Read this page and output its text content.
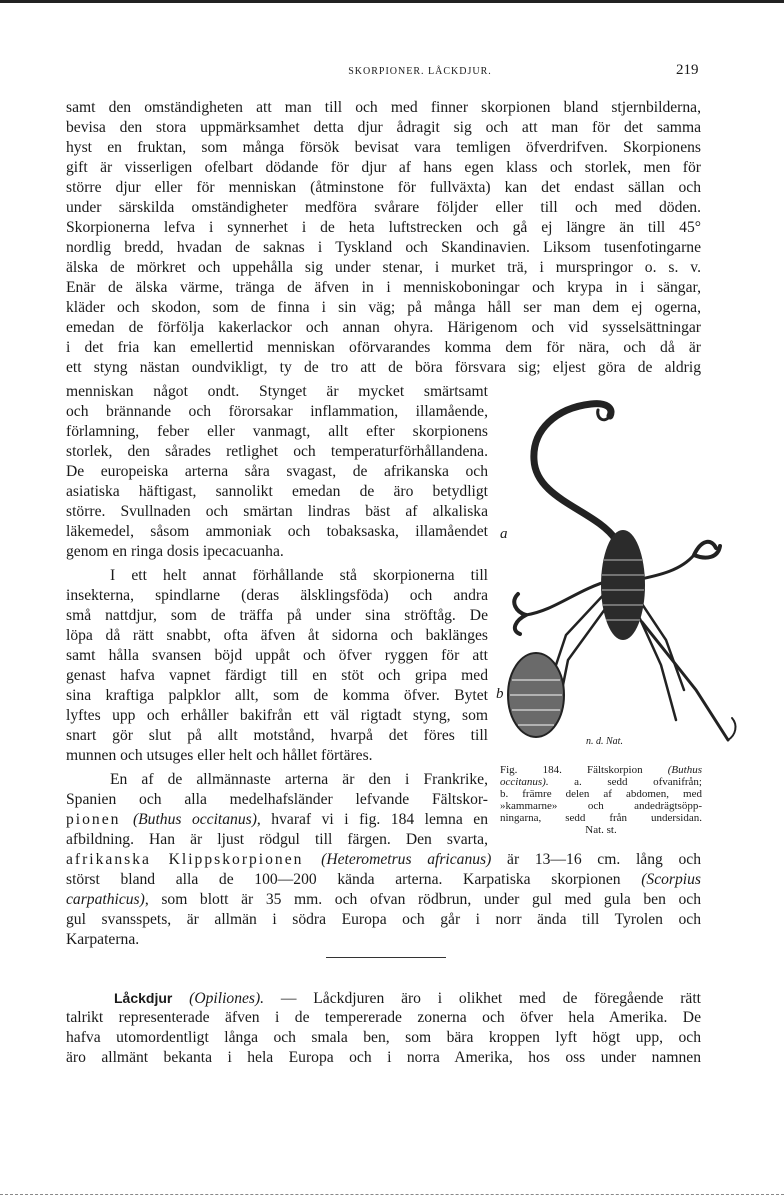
SKORPIONER. LÅCKDJUR.	219
samt den omständigheten att man till och med finner skorpionen bland stjernbilderna,
bevisa den stora uppmärksamhet detta djur ådragit sig och att man för det samma
hyst en fruktan, som många försök bevisat vara temligen öfverdrifven. Skorpionens
gift är visserligen ofelbart dödande för djur af hans egen klass och storlek, men för
större djur eller för menniskan (åtminstone för fullväxta) kan det endast sällan och
under särskilda omständigheter medföra svårare följder eller till och med döden.
Skorpionerna lefva i synnerhet i de heta luftstrecken och gå ej längre än till 45°
nordlig bredd, hvadan de saknas i Tyskland och Skandinavien. Liksom tusenfotingarne
älska de mörkret och uppehålla sig under stenar, i murket trä, i murspringor o. s. v.
Enär de älska värme, tränga de äfven in i menniskoboningar och krypa in i sängar,
kläder och skodon, som de finna i sin väg; på många håll ser man dem ej ogerna,
emedan de förfölja kakerlackor och annan ohyra. Härigenom och vid sysselsättningar
i det fria kan emellertid menniskan oförvarandes komma dem för nära, och då är
ett styng nästan oundvikligt, ty de tro att de böra försvara sig; eljest göra de aldrig
menniskan något ondt. Stynget är mycket smärtsamt
och brännande och förorsakar inflammation, illamående,
förlamning, feber eller vanmagt, allt efter skorpionens
storlek, den sårades retlighet och temperaturförhållandena.
De europeiska arterna såra svagast, de afrikanska och
asiatiska häftigast, sannolikt emedan de äro betydligt
större. Svullnaden och smärtan lindras bäst af alkaliska
läkemedel, såsom ammoniak och tobaksaska, illamåendet
genom en ringa dosis ipecacuanha.
I ett helt annat förhållande stå skorpionerna till
insekterna, spindlarne (deras älsklingsföda) och andra
små nattdjur, som de träffa på under sina ströftåg. De
löpa då rätt snabbt, ofta äfven åt sidorna och baklänges
samt hålla svansen böjd uppåt och öfver ryggen för att
genast hafva vapnet färdigt till en stöt och gripa med
sina kraftiga palpklor allt, som de komma öfver. Bytet
lyftes upp och erhåller bakifrån ett väl rigtadt styng, som
snart gör slut på allt motstånd, hvarpå det föres till
munnen och utsuges eller helt och hållet förtäres.
En af de allmännaste arterna är den i Frankrike,
Spanien och alla medelhafsländer lefvande Fältskor-
pionen (Buthus occitanus), hvaraf vi i fig. 184 lemna en
afbildning. Han är ljust rödgul till färgen. Den svarta,
afrikanska Klippskorpionen (Heterometrus africanus) är 13—16 cm. lång och
störst bland alla de 100—200 kända arterna. Karpatiska skorpionen (Scorpius
carpathicus), som blott är 35 mm. och ofvan rödbrun, under gul med gula ben och
gul svansspets, är allmän i södra Europa och går i norr ända till Tyrolen och
Karpaterna.
Låckdjur (Opiliones). — Låckdjuren äro i olikhet med de föregående rätt
talrikt representerade äfven i de tempererade zonerna och öfver hela Amerika. De
hafva utomordentligt långa och smala ben, som bära kroppen lyft högt upp, och
äro allmänt bekanta i hela Europa och i norra Amerika, hos oss under namnen
a
b
n. d. Nat.
Fig. 184. Fältskorpion (Buthus
occitanus). a. sedd ofvanifrån;
b. främre delen af abdomen, med
»kammarne» och andedrägtsöpp-
ningarna, sedd från undersidan.
Nat. st.
